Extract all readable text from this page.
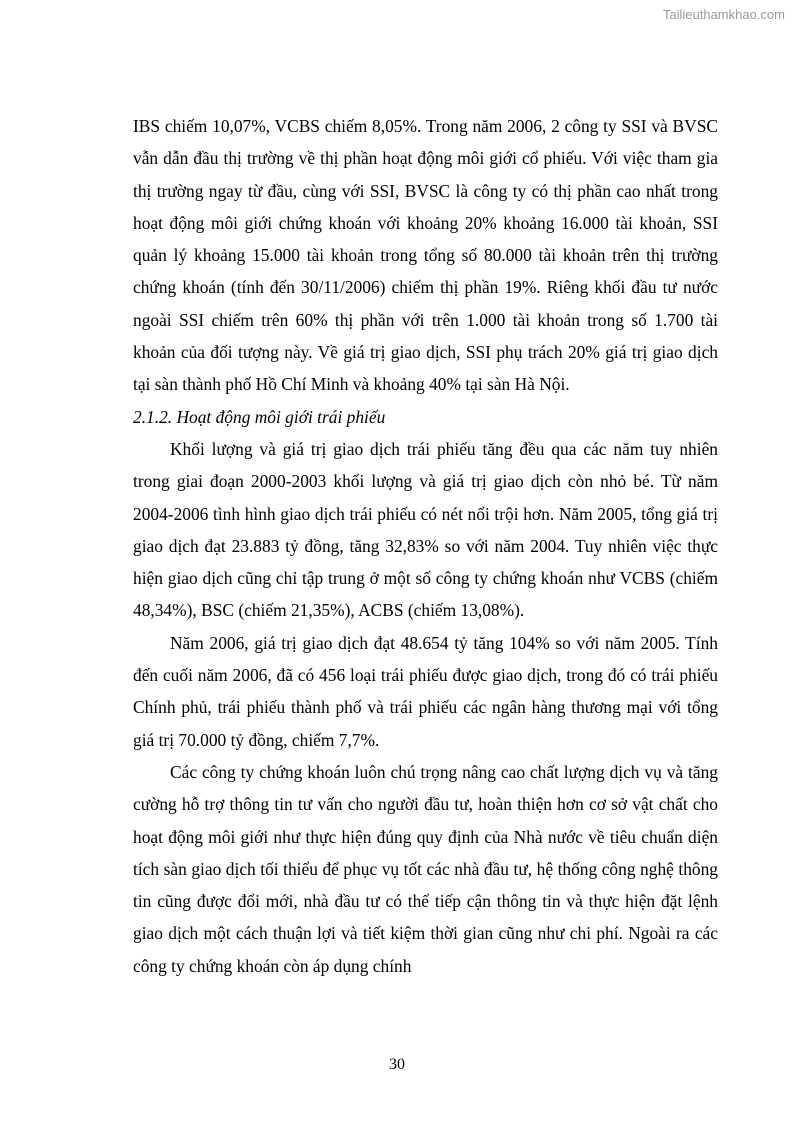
Tailieuthamkhao.com

IBS chiếm 10,07%, VCBS chiếm 8,05%. Trong năm 2006, 2 công ty SSI và BVSC vẫn dẫn đầu thị trường về thị phần hoạt động môi giới cổ phiếu. Với việc tham gia thị trường ngay từ đầu, cùng với SSI, BVSC là công ty có thị phần cao nhất trong hoạt động môi giới chứng khoán với khoảng 20% khoảng 16.000 tài khoản, SSI quản lý khoảng 15.000 tài khoản trong tổng số 80.000 tài khoản trên thị trường chứng khoán (tính đến 30/11/2006) chiếm thị phần 19%. Riêng khối đầu tư nước ngoài SSI chiếm trên 60% thị phần với trên 1.000 tài khoản trong số 1.700 tài khoản của đối tượng này. Về giá trị giao dịch, SSI phụ trách 20% giá trị giao dịch tại sàn thành phố Hồ Chí Minh và khoảng 40% tại sàn Hà Nội.

2.1.2. Hoạt động môi giới trái phiếu

Khối lượng và giá trị giao dịch trái phiếu tăng đều qua các năm tuy nhiên trong giai đoạn 2000-2003 khối lượng và giá trị giao dịch còn nhỏ bé. Từ năm 2004-2006 tình hình giao dịch trái phiếu có nét nổi trội hơn. Năm 2005, tổng giá trị giao dịch đạt 23.883 tỷ đồng, tăng 32,83% so với năm 2004. Tuy nhiên việc thực hiện giao dịch cũng chỉ tập trung ở một số công ty chứng khoán như VCBS (chiếm 48,34%), BSC (chiếm 21,35%), ACBS (chiếm 13,08%).

Năm 2006, giá trị giao dịch đạt 48.654 tỷ tăng 104% so với năm 2005. Tính đến cuối năm 2006, đã có 456 loại trái phiếu được giao dịch, trong đó có trái phiếu Chính phủ, trái phiếu thành phố và trái phiếu các ngân hàng thương mại với tổng giá trị 70.000 tỷ đồng, chiếm 7,7%.

Các công ty chứng khoán luôn chú trọng nâng cao chất lượng dịch vụ và tăng cường hỗ trợ thông tin tư vấn cho người đầu tư, hoàn thiện hơn cơ sở vật chất cho hoạt động môi giới như thực hiện đúng quy định của Nhà nước về tiêu chuẩn diện tích sàn giao dịch tối thiểu để phục vụ tốt các nhà đầu tư, hệ thống công nghệ thông tin cũng được đổi mới, nhà đầu tư có thể tiếp cận thông tin và thực hiện đặt lệnh giao dịch một cách thuận lợi và tiết kiệm thời gian cũng như chi phí. Ngoài ra các công ty chứng khoán còn áp dụng chính

30
